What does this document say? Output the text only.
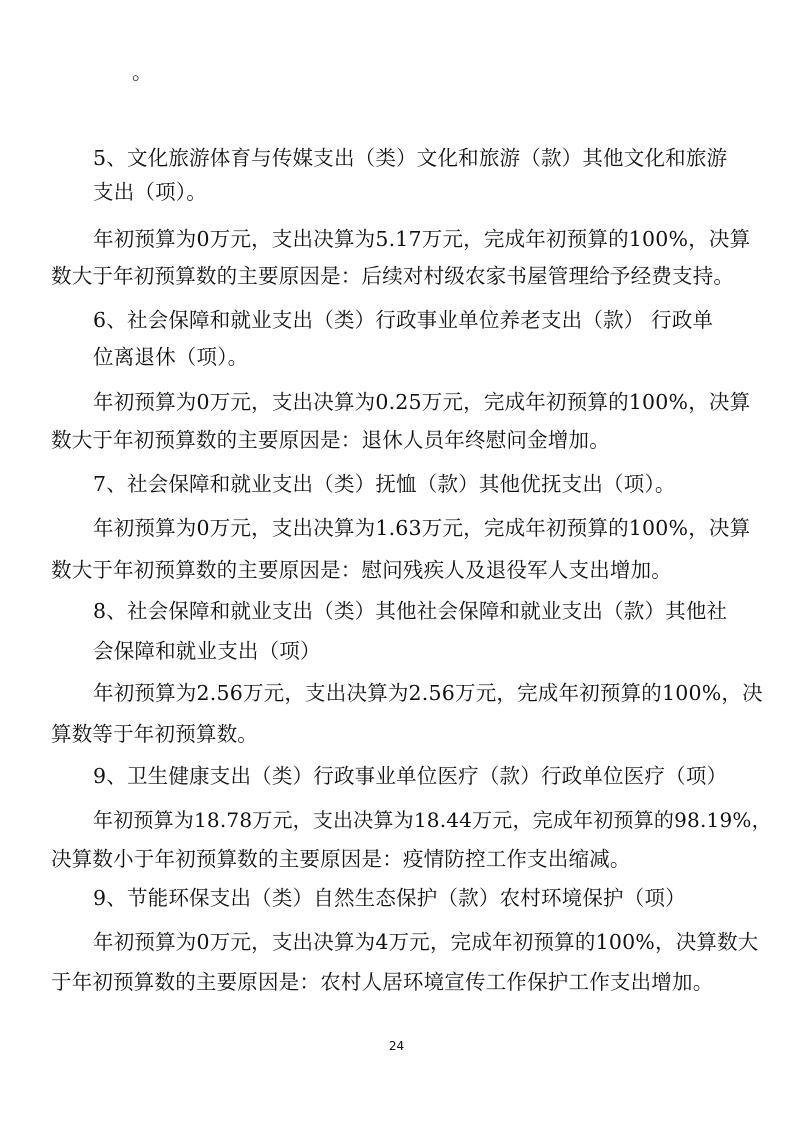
。
5、文化旅游体育与传媒支出（类）文化和旅游（款）其他文化和旅游
支出（项）。
年初预算为0万元，支出决算为5.17万元，完成年初预算的100%，决算
数大于年初预算数的主要原因是：后续对村级农家书屋管理给予经费支持。
6、社会保障和就业支出（类）行政事业单位养老支出（款） 行政单
位离退休（项）。
年初预算为0万元，支出决算为0.25万元，完成年初预算的100%，决算
数大于年初预算数的主要原因是：退休人员年终慰问金增加。
7、社会保障和就业支出（类）抚恤（款）其他优抚支出（项）。
年初预算为0万元，支出决算为1.63万元，完成年初预算的100%，决算
数大于年初预算数的主要原因是：慰问残疾人及退役军人支出增加。
8、社会保障和就业支出（类）其他社会保障和就业支出（款）其他社
会保障和就业支出（项）
年初预算为2.56万元，支出决算为2.56万元，完成年初预算的100%，决
算数等于年初预算数。
9、卫生健康支出（类）行政事业单位医疗（款）行政单位医疗（项）
年初预算为18.78万元，支出决算为18.44万元，完成年初预算的98.19%，
决算数小于年初预算数的主要原因是：疫情防控工作支出缩减。
9、节能环保支出（类）自然生态保护（款）农村环境保护（项）
年初预算为0万元，支出决算为4万元，完成年初预算的100%，决算数大
于年初预算数的主要原因是：农村人居环境宣传工作保护工作支出增加。
24
